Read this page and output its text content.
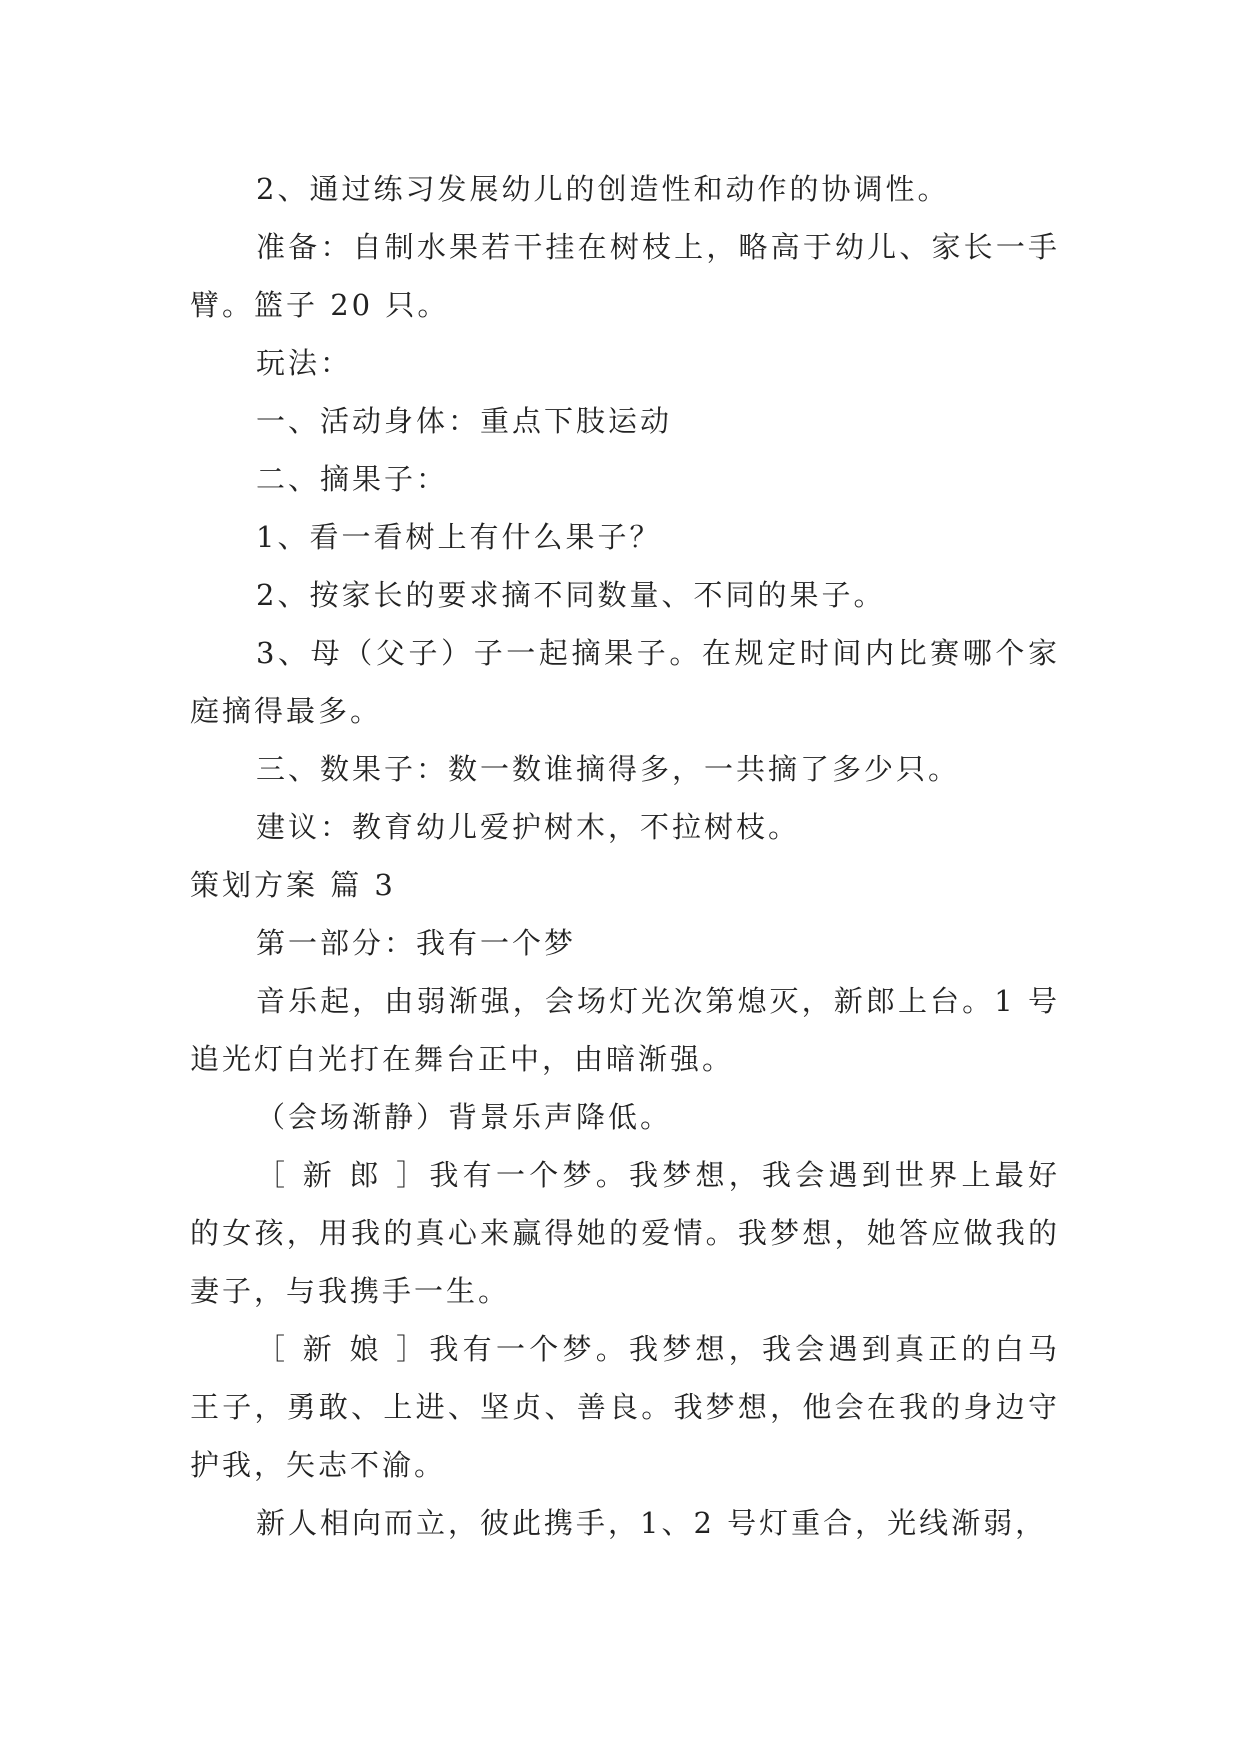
2、通过练习发展幼儿的创造性和动作的协调性。

准备：自制水果若干挂在树枝上，略高于幼儿、家长一手臂。篮子 20 只。

玩法：

一、活动身体：重点下肢运动

二、摘果子：

1、看一看树上有什么果子？

2、按家长的要求摘不同数量、不同的果子。

3、母（父子）子一起摘果子。在规定时间内比赛哪个家庭摘得最多。

三、数果子：数一数谁摘得多，一共摘了多少只。

建议：教育幼儿爱护树木，不拉树枝。

策划方案 篇 3

第一部分：我有一个梦

音乐起，由弱渐强，会场灯光次第熄灭，新郎上台。1 号追光灯白光打在舞台正中，由暗渐强。

（会场渐静）背景乐声降低。

［ 新 郎 ］我有一个梦。我梦想，我会遇到世界上最好的女孩，用我的真心来赢得她的爱情。我梦想，她答应做我的妻子，与我携手一生。

［ 新 娘 ］我有一个梦。我梦想，我会遇到真正的白马王子，勇敢、上进、坚贞、善良。我梦想，他会在我的身边守护我，矢志不渝。

新人相向而立，彼此携手，1、2 号灯重合，光线渐弱，
